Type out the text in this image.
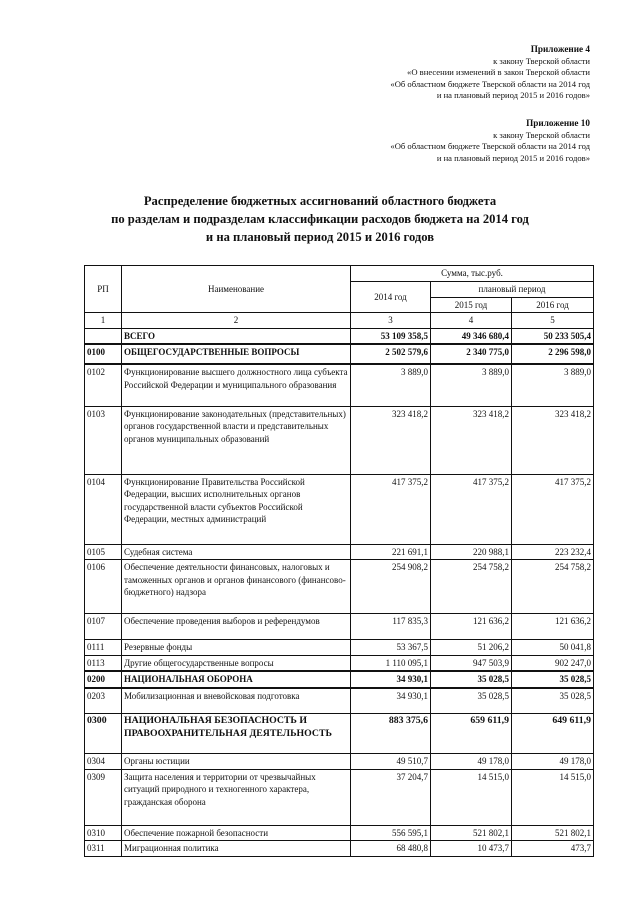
Приложение 4
к закону Тверской области
«О внесении изменений в закон Тверской области
«Об областном бюджете Тверской области на 2014 год
и на плановый период 2015 и 2016 годов»
Приложение 10
к закону Тверской области
«Об областном бюджете Тверской области на 2014 год
и на плановый период 2015 и 2016 годов»
Распределение бюджетных ассигнований областного бюджета
по разделам и подразделам классификации расходов бюджета на 2014 год
и на плановый период 2015 и 2016 годов
РП	Наименование	Сумма, тыс.руб.		
		2014 год	плановый период	
			2015 год	2016 год
1	2	3	4	5
	ВСЕГО	53 109 358,5	49 346 680,4	50 233 505,4
0100	ОБЩЕГОСУДАРСТВЕННЫЕ ВОПРОСЫ	2 502 579,6	2 340 775,0	2 296 598,0
0102	Функционирование высшего должностного лица субъекта Российской Федерации и муниципального образования	3 889,0	3 889,0	3 889,0
0103	Функционирование законодательных (представительных) органов государственной власти и представительных органов муниципальных образований	323 418,2	323 418,2	323 418,2
0104	Функционирование Правительства Российской Федерации, высших исполнительных органов государственной власти субъектов Российской Федерации, местных администраций	417 375,2	417 375,2	417 375,2
0105	Судебная система	221 691,1	220 988,1	223 232,4
0106	Обеспечение деятельности финансовых, налоговых и таможенных органов и органов финансового (финансово-бюджетного) надзора	254 908,2	254 758,2	254 758,2
0107	Обеспечение проведения выборов и референдумов	117 835,3	121 636,2	121 636,2
0111	Резервные фонды	53 367,5	51 206,2	50 041,8
0113	Другие общегосударственные вопросы	1 110 095,1	947 503,9	902 247,0
0200	НАЦИОНАЛЬНАЯ ОБОРОНА	34 930,1	35 028,5	35 028,5
0203	Мобилизационная и вневойсковая подготовка	34 930,1	35 028,5	35 028,5
0300	НАЦИОНАЛЬНАЯ БЕЗОПАСНОСТЬ И ПРАВООХРАНИТЕЛЬНАЯ ДЕЯТЕЛЬНОСТЬ	883 375,6	659 611,9	649 611,9
0304	Органы юстиции	49 510,7	49 178,0	49 178,0
0309	Защита населения и территории от чрезвычайных ситуаций природного и техногенного характера, гражданская оборона	37 204,7	14 515,0	14 515,0
0310	Обеспечение пожарной безопасности	556 595,1	521 802,1	521 802,1
0311	Миграционная политика	68 480,8	10 473,7	473,7
